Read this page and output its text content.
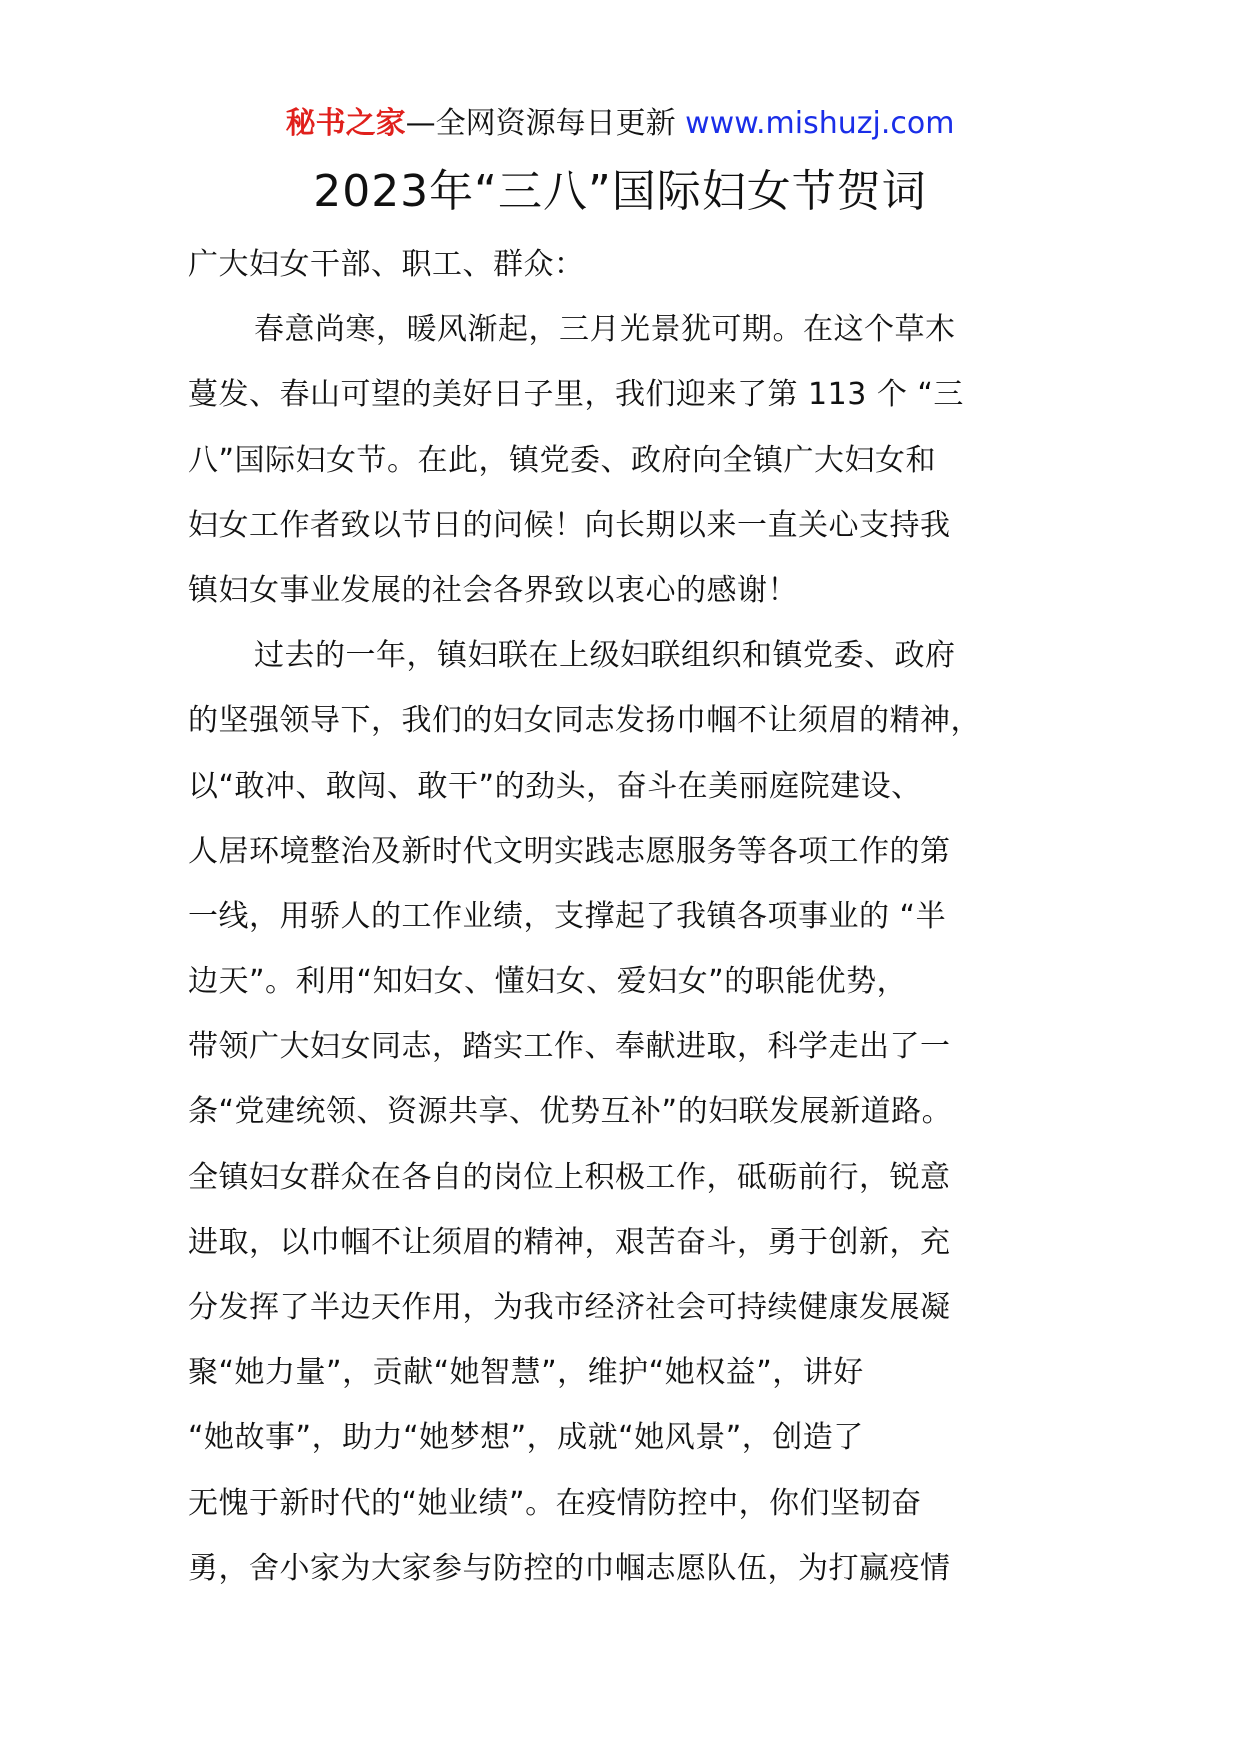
秘书之家—全网资源每日更新 www.mishuzj.com
2023年“三八”国际妇女节贺词
广大妇女干部、职工、群众：
春意尚寒，暖风渐起，三月光景犹可期。在这个草木
蔓发、春山可望的美好日子里，我们迎来了第 113 个 “三
八”国际妇女节。在此，镇党委、政府向全镇广大妇女和
妇女工作者致以节日的问候！向长期以来一直关心支持我
镇妇女事业发展的社会各界致以衷心的感谢！
过去的一年，镇妇联在上级妇联组织和镇党委、政府
的坚强领导下，我们的妇女同志发扬巾帼不让须眉的精神，
以“敢冲、敢闯、敢干”的劲头，奋斗在美丽庭院建设、
人居环境整治及新时代文明实践志愿服务等各项工作的第
一线，用骄人的工作业绩，支撑起了我镇各项事业的 “半
边天”。利用“知妇女、懂妇女、爱妇女”的职能优势，
带领广大妇女同志，踏实工作、奉献进取，科学走出了一
条“党建统领、资源共享、优势互补”的妇联发展新道路。
全镇妇女群众在各自的岗位上积极工作，砥砺前行，锐意
进取，以巾帼不让须眉的精神，艰苦奋斗，勇于创新，充
分发挥了半边天作用，为我市经济社会可持续健康发展凝
聚“她力量”，贡献“她智慧”，维护“她权益”，讲好
“她故事”，助力“她梦想”，成就“她风景”，创造了
无愧于新时代的“她业绩”。在疫情防控中，你们坚韧奋
勇，舍小家为大家参与防控的巾帼志愿队伍，为打赢疫情
